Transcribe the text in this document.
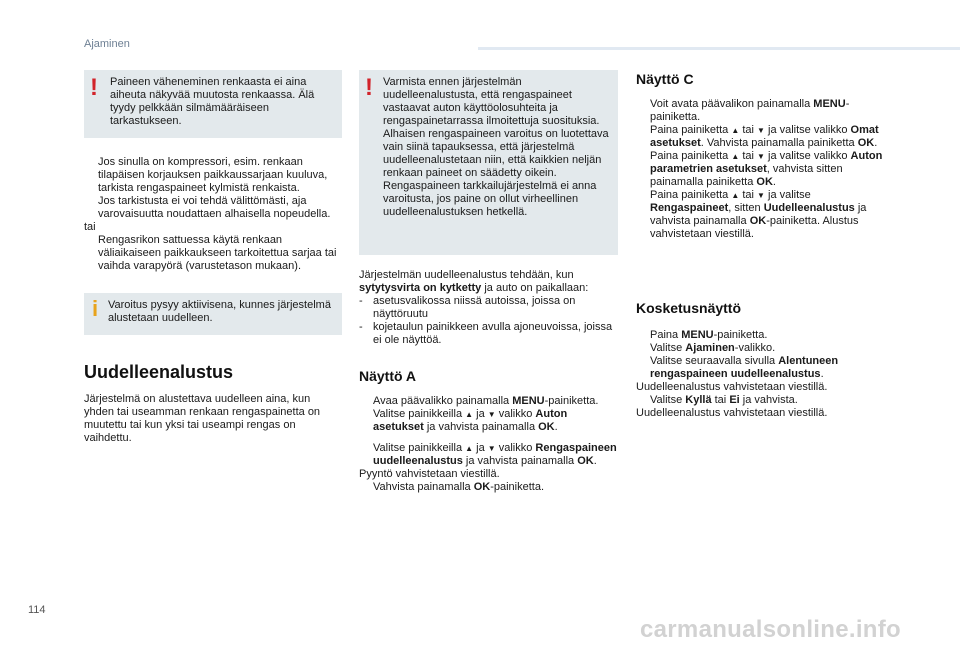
Ajaminen
! Paineen väheneminen renkaasta ei aina aiheuta näkyvää muutosta renkaassa. Älä tyydy pelkkään silmämääräiseen tarkastukseen.

Jos sinulla on kompressori, esim. renkaan tilapäisen korjauksen paikkaussarjaan kuuluva, tarkista rengaspaineet kylmistä renkaista.
Jos tarkistusta ei voi tehdä välittömästi, aja varovaisuutta noudattaen alhaisella nopeudella.

tai

Rengasrikon sattuessa käytä renkaan väliaikaiseen paikkaukseen tarkoitettua sarjaa tai vaihda varapyörä (varustetason mukaan).
i Varoitus pysyy aktiivisena, kunnes järjestelmä alustetaan uudelleen.

Uudelleenalustus

Järjestelmä on alustettava uudelleen aina, kun yhden tai useamman renkaan rengaspainetta on muutettu tai kun yksi tai useampi rengas on vaihdettu.

! Varmista ennen järjestelmän uudelleenalustusta, että rengaspaineet vastaavat auton käyttöolosuhteita ja rengaspainetarrassa ilmoitettuja suosituksia.

Alhaisen rengaspaineen varoitus on luotettava vain siinä tapauksessa, että järjestelmä uudelleenalustetaan niin, että kaikkien neljän renkaan paineet on säädetty oikein.

Rengaspaineen tarkkailujärjestelmä ei anna varoitusta, jos paine on ollut virheellinen uudelleenalustuksen hetkellä.

Järjestelmän uudelleenalustus tehdään, kun
sytytysvirta on kytketty ja auto on paikallaan:

- asetusvalikossa niissä autoissa, joissa on näyttöruutu
- kojetaulun painikkeen avulla ajoneuvoissa, joissa ei ole näyttöä.
Näyttö A
Avaa päävalikko painamalla MENU-painiketta.
Valitse painikkeilla ▲ ja ▼ valikko Auton asetukset ja vahvista painamalla OK.
Valitse painikkeilla ▲ ja ▼ valikko Rengaspaineen uudelleenalustus ja vahvista painamalla OK.

Pyyntö vahvistetaan viestillä.

Vahvista painamalla OK-painiketta.
Näyttö C
Voit avata päävalikon painamalla MENU-painiketta.
Paina painiketta ▲ tai ▼ ja valitse valikko Omat asetukset. Vahvista painamalla painiketta OK.
Paina painiketta ▲ tai ▼ ja valitse valikko Auton parametrien asetukset, vahvista sitten painamalla painiketta OK.
Paina painiketta ▲ tai ▼ ja valitse Rengaspaineet, sitten Uudelleenalustus ja vahvista painamalla OK-painiketta. Alustus vahvistetaan viestillä.
Kosketusnäyttö
Paina MENU-painiketta.
Valitse Ajaminen-valikko.
Valitse seuraavalla sivulla Alentuneen rengaspaineen uudelleenalustus.

Uudelleenalustus vahvistetaan viestillä.

Valitse Kyllä tai Ei ja vahvista.

Uudelleenalustus vahvistetaan viestillä.

114
carmanualsonline.info
